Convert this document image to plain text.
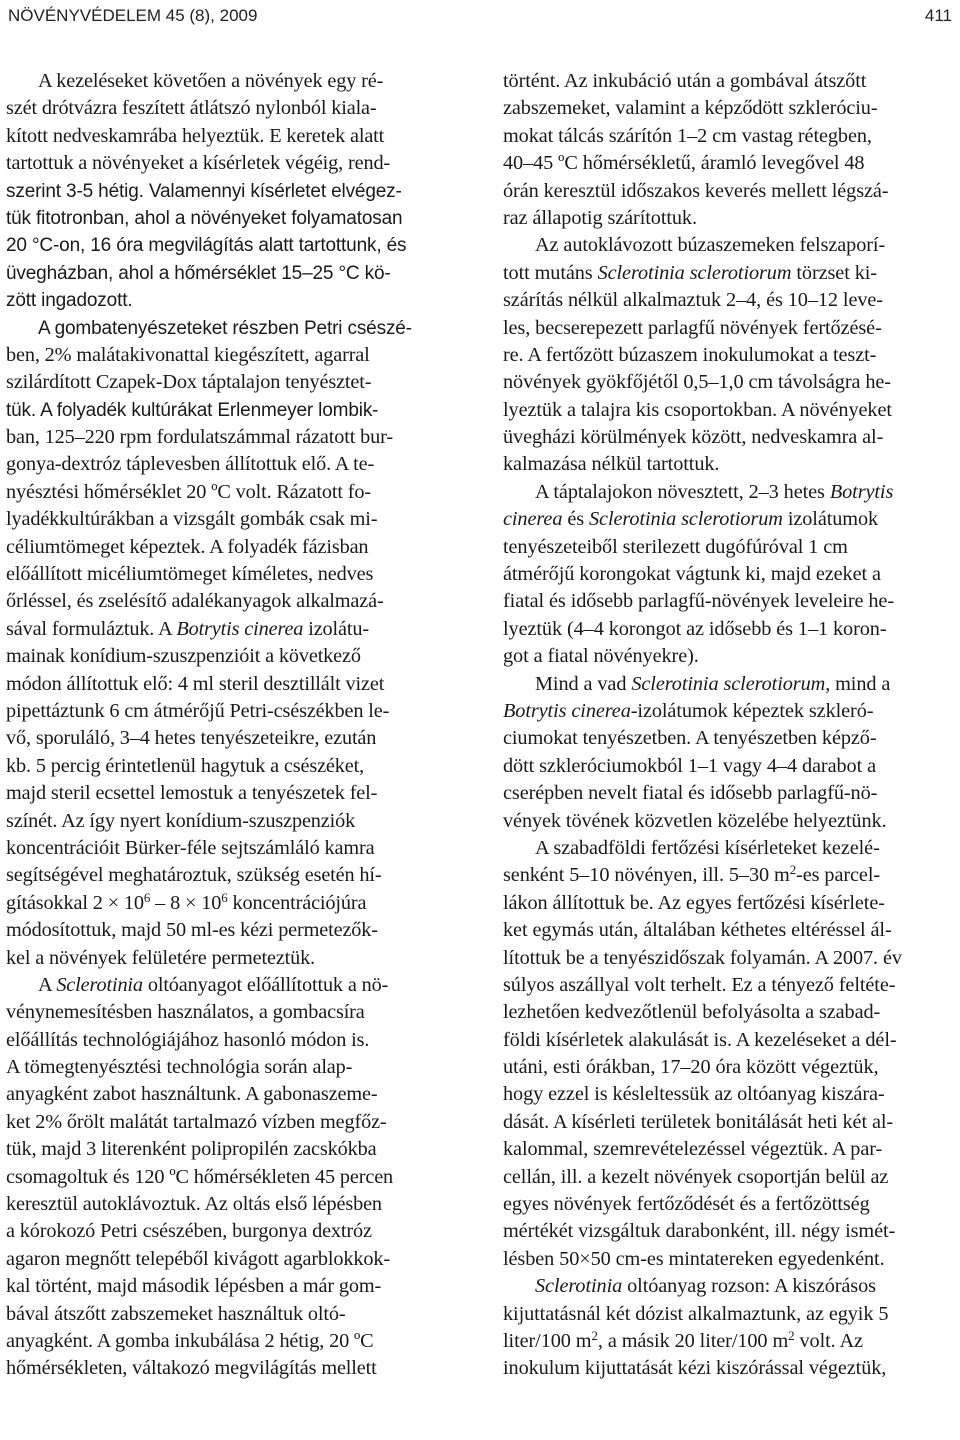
NÖVÉNYVÉDELEM 45 (8), 2009	411
A kezeléseket követően a növények egy ré-
szét drótvázra feszített átlátszó nylonból kiala-
kított nedveskamrába helyeztük. E keretek alatt
tartottuk a növényeket a kísérletek végéig, rend-
szerint 3-5 hétig. Valamennyi kísérletet elvégez-
tük fitotronban, ahol a növényeket folyamatosan
20 °C-on, 16 óra megvilágítás alatt tartottunk, és
üvegházban, ahol a hőmérséklet 15–25 °C kö-
zött ingadozott.
A gombatenyészeteket részben Petri csészé-
ben, 2% malátakivonattal kiegészített, agarral
szilárdított Czapek-Dox táptalajon tenyésztet-
tük. A folyadék kultúrákat Erlenmeyer lombik-
ban, 125–220 rpm fordulatszámmal rázatott bur-
gonya-dextróz táplevesben állítottuk elő. A te-
nyésztési hőmérséklet 20 ºC volt. Rázatott fo-
lyadékkultúrákban a vizsgált gombák csak mi-
céliumtömeget képeztek. A folyadék fázisban
előállított micéliumtömeget kíméletes, nedves
őrléssel, és zselésítő adalékanyagok alkalmazá-
sával formuláztuk. A Botrytis cinerea izolátu-
mainak konídium-szuszpenzióit a következő
módon állítottuk elő: 4 ml steril desztillált vizet
pipettáztunk 6 cm átmérőjű Petri-csészékben le-
vő, sporuláló, 3–4 hetes tenyészeteikre, ezután
kb. 5 percig érintetlenül hagytuk a csészéket,
majd steril ecsettel lemostuk a tenyészetek fel-
színét. Az így nyert konídium-szuszpenziók
koncentrációit Bürker-féle sejtszámláló kamra
segítségével meghatároztuk, szükség esetén hí-
gításokkal $2 \times 10^6 - 8 \times 10^6$ koncentrációjúra
módosítottuk, majd 50 ml-es kézi permetezők-
kel a növények felületére permeteztük.
A Sclerotinia oltóanyagot előállítottuk a nö-
vénynemesítésben használatos, a gombacsíra
előállítás technológiájához hasonló módon is.
A tömegtenyésztési technológia során alap-
anyagként zabot használtunk. A gabonaszeme-
ket 2% őrölt malátát tartalmazó vízben megfőz-
tük, majd 3 literenként polipropilén zacskókba
csomagoltuk és 120 ºC hőmérsékleten 45 percen
keresztül autoklávoztuk. Az oltás első lépésben
a kórokozó Petri csészében, burgonya dextróz
agaron megnőtt telepéből kivágott agarblokkok-
kal történt, majd második lépésben a már gom-
bával átszőtt zabszemeket használtuk oltó-
anyagként. A gomba inkubálása 2 hétig, 20 ºC
hőmérsékleten, váltakozó megvilágítás mellett
történt. Az inkubáció után a gombával átszőtt
zabszemeket, valamint a képződött szkleróciu-
mokat tálcás szárítón 1–2 cm vastag rétegben,
40–45 ºC hőmérsékletű, áramló levegővel 48
órán keresztül időszakos keverés mellett légszá-
raz állapotig szárítottuk.
Az autoklávozott búzaszemeken felszaporí-
tott mutáns Sclerotinia sclerotiorum törzset ki-
szárítás nélkül alkalmaztuk 2–4, és 10–12 leve-
les, becserepezett parlagfű növények fertőzésé-
re. A fertőzött búzaszem inokulumokat a teszt-
növények gyökfőjétől 0,5–1,0 cm távolságra he-
lyeztük a talajra kis csoportokban. A növényeket
üvegházi körülmények között, nedveskamra al-
kalmazása nélkül tartottuk.
A táptalajokon növesztett, 2–3 hetes Botrytis
cinerea és Sclerotinia sclerotiorum izolátumok
tenyészeteiből sterilezett dugófúróval 1 cm
átmérőjű korongokat vágtunk ki, majd ezeket a
fiatal és idősebb parlagfű-növények leveleire he-
lyeztük (4–4 korongot az idősebb és 1–1 koron-
got a fiatal növényekre).
Mind a vad Sclerotinia sclerotiorum, mind a
Botrytis cinerea-izolátumok képeztek szkleró-
ciumokat tenyészetben. A tenyészetben képző-
dött szkleróciumokból 1–1 vagy 4–4 darabot a
cserépben nevelt fiatal és idősebb parlagfű-nö-
vények tövének közvetlen közelébe helyeztünk.
A szabadföldi fertőzési kísérleteket kezelé-
senként 5–10 növényen, ill. 5–30 $m^2-es$ parcel-
lákon állítottuk be. Az egyes fertőzési kísérlete-
ket egymás után, általában kéthetes eltéréssel ál-
lítottuk be a tenyészidőszak folyamán. A 2007. év
súlyos aszállyal volt terhelt. Ez a tényező feltéte-
lezhetően kedvezőtlenül befolyásolta a szabad-
földi kísérletek alakulását is. A kezeléseket a dél-
utáni, esti órákban, 17–20 óra között végeztük,
hogy ezzel is késleltessük az oltóanyag kiszára-
dását. A kísérleti területek bonitálását heti két al-
kalommal, szemrevételezéssel végeztük. A par-
cellán, ill. a kezelt növények csoportján belül az
egyes növények fertőződését és a fertőzöttség
mértékét vizsgáltuk darabonként, ill. négy ismét-
lésben 50×50 cm-es mintatereken egyedenként.
Sclerotinia oltóanyag rozson: A kiszórásos
kijuttatásnál két dózist alkalmaztunk, az egyik 5
liter/100 $m^2$, a másik 20 liter/100 $m^2$ volt. Az
inokulum kijuttatását kézi kiszórással végeztük,
